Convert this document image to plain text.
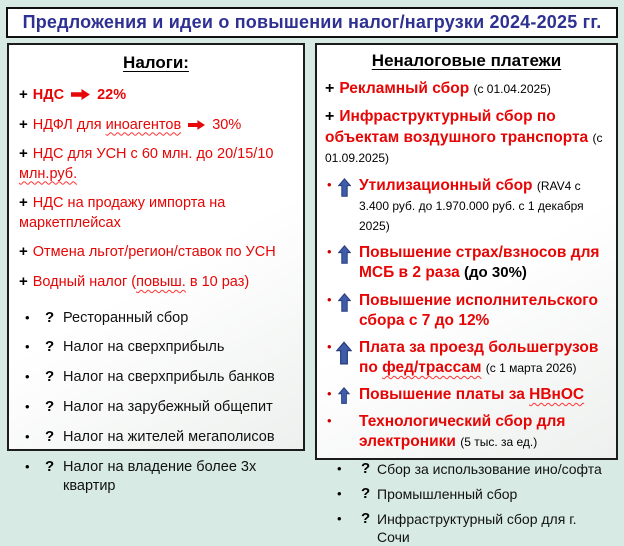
Предложения и идеи о повышении налог/нагрузки 2024-2025 гг.
Налоги:

+ НДС 22%

+ НДФЛ для иноагентов 30%

+ НДС для УСН с 60 млн. до 20/15/10 млн.руб.

+ НДС на продажу импорта на маркетплейсах

+ Отмена льгот/регион/ставок по УСН

+ Водный налог (повыш. в 10 раз)

• ? Ресторанный сбор

• ? Налог на сверхприбыль

• ? Налог на сверхприбыль банков

• ? Налог на зарубежный общепит

• ? Налог на жителей мегаполисов

• ? Налог на владение более 3х квартир

Неналоговые платежи

+ Рекламный сбор (с 01.04.2025)

+ Инфраструктурный сбор по объектам воздушного транспорта (с 01.09.2025)

• Утилизационный сбор (RAV4 с 3.400 руб. до 1.970.000 руб. с 1 декабря 2025)

• Повышение страх/взносов для МСБ в 2 раза (до 30%)

• Повышение исполнительского сбора с 7 до 12%

• Плата за проезд большегрузов по фед/трассам (с 1 марта 2026)

• Повышение платы за НВнОС

• Технологический сбор для электроники (5 тыс. за ед.)

• ? Сбор за использование ино/софта

• ? Промышленный сбор

• ? Инфраструктурный сбор для г. Сочи
